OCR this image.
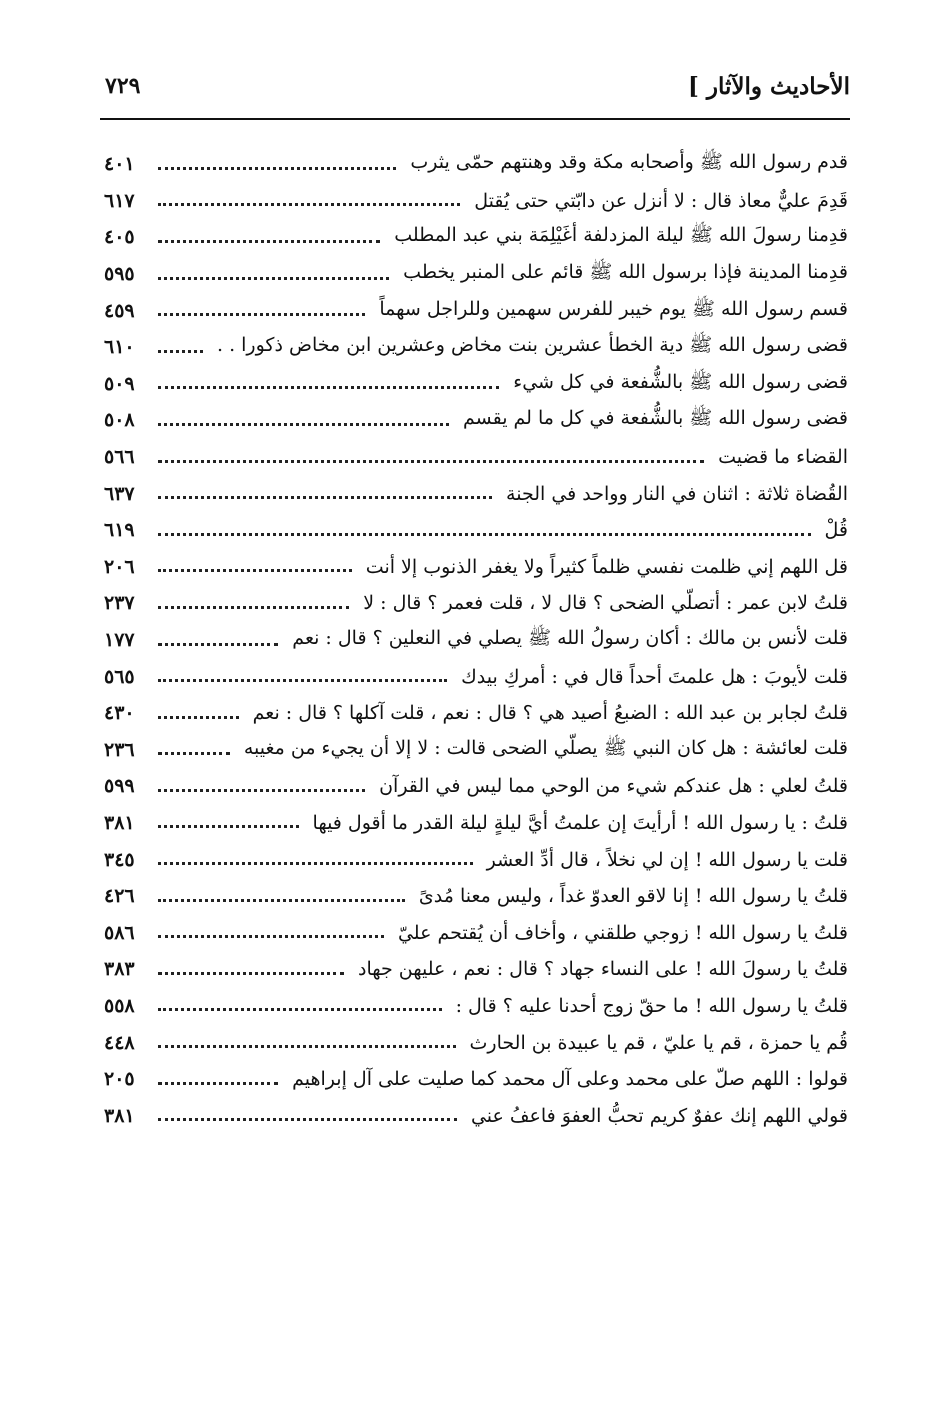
الأحاديث والآثار ]
٧٢٩
قدم رسول الله ﷺ وأصحابه مكة وقد وهنتهم حمّى يثرب
٤٠١
قَدِمَ عليٌّ معاذ قال : لا أنزل عن دابّتي حتى يُقتل
٦١٧
قدِمنا رسولَ الله ﷺ ليلة المزدلفة أغَيْلِمَة بني عبد المطلب
٤٠٥
قدِمنا المدينة فإذا برسول الله ﷺ قائم على المنبر يخطب
٥٩٥
قسم رسول الله ﷺ يوم خيبر للفرس سهمين وللراجل سهماً
٤٥٩
قضى رسول الله ﷺ دية الخطأ عشرين بنت مخاض وعشرين ابن مخاض ذكورا . .
٦١٠
قضى رسول الله ﷺ بالشُّفعة في كل شيء
٥٠٩
قضى رسول الله ﷺ بالشُّفعة في كل ما لم يقسم
٥٠٨
القضاء ما قضيت
٥٦٦
القُضاة ثلاثة : اثنان في النار وواحد في الجنة
٦٣٧
قُلْ
٦١٩
قل اللهم إني ظلمت نفسي ظلماً كثيراً ولا يغفر الذنوب إلا أنت
٢٠٦
قلتُ لابن عمر : أتصلّي الضحى ؟ قال لا ، قلت فعمر ؟ قال : لا
٢٣٧
قلت لأنس بن مالك : أكان رسولُ الله ﷺ يصلي في النعلين ؟ قال : نعم
١٧٧
قلت لأيوبَ : هل علمتَ أحداً قال في : أمركِ بيدك
٥٦٥
قلتُ لجابر بن عبد الله : الضبعُ أصيد هي ؟ قال : نعم ، قلت آكلها ؟ قال : نعم
٤٣٠
قلت لعائشة : هل كان النبي ﷺ يصلّي الضحى قالت : لا إلا أن يجيء من مغيبه
٢٣٦
قلتُ لعلي : هل عندكم شيء من الوحي مما ليس في القرآن
٥٩٩
قلتُ : يا رسول الله ! أرأيتَ إن علمتُ أيَّ ليلةٍ ليلة القدر ما أقول فيها
٣٨١
قلت يا رسول الله ! إن لي نخلاً ، قال أدِّ العشر
٣٤٥
قلتُ يا رسول الله ! إنا لاقو العدوّ غداً ، وليس معنا مُدىً
٤٢٦
قلتُ يا رسول الله ! زوجي طلقني ، وأخاف أن يُقتحم عليّ
٥٨٦
قلتُ يا رسولَ الله ! على النساء جهاد ؟ قال : نعم ، عليهن جهاد
٣٨٣
قلتُ يا رسول الله ! ما حقّ زوج أحدنا عليه ؟ قال :
٥٥٨
قُم يا حمزة ، قم يا عليّ ، قم يا عبيدة بن الحارث
٤٤٨
قولوا : اللهم صلّ على محمد وعلى آل محمد كما صليت على آل إبراهيم
٢٠٥
قولي اللهم إنك عفوٌ كريم تحبُّ العفوَ فاعفُ عني
٣٨١
